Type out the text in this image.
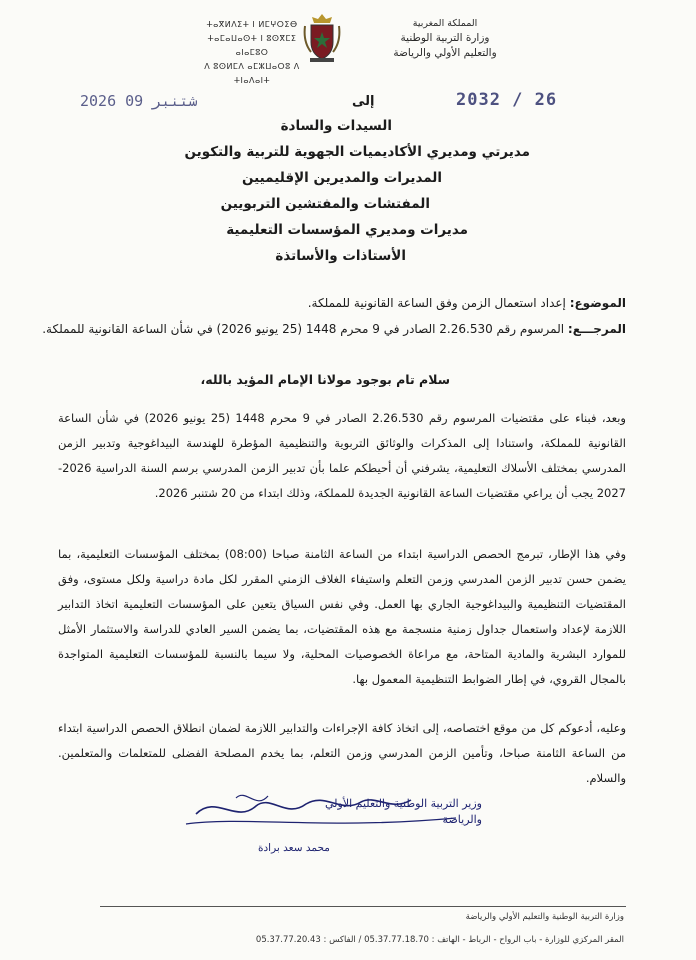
المملكة المغربية
وزارة التربية الوطنية
والتعليم الأولي والرياضة
ⵜⴰⴳⵍⴷⵉⵜ ⵏ ⵍⵎⵖⵔⵉⴱ
ⵜⴰⵎⴰⵡⴰⵙⵜ ⵏ ⵓⵙⴳⵎⵉ ⴰⵏⴰⵎⵓⵔ
ⴷ ⵓⵙⵍⵎⴷ ⴰⵎⵣⵡⴰⵔⵓ ⴷ ⵜⵏⴰⴷⴰⵏⵜ
2026 شتنبر 09	2032 / 26
إلى
السيدات والسادة
مديرتي ومديري الأكاديميات الجهوية للتربية والتكوين
المديرات والمديرين الإقليميين
المفتشات والمفتشين التربويين
مديرات ومديري المؤسسات التعليمية
الأستاذات والأساتذة
الموضوع: إعداد استعمال الزمن وفق الساعة القانونية للمملكة.
المرجـــع: المرسوم رقم 2.26.530 الصادر في 9 محرم 1448 (25 يونيو 2026) في شأن الساعة القانونية للمملكة.
سلام تام بوجود مولانا الإمام المؤيد بالله،
وبعد، فبناء على مقتضيات المرسوم رقم 2.26.530 الصادر في 9 محرم 1448 (25 يونيو 2026) في شأن الساعة القانونية للمملكة، واستنادا إلى المذكرات والوثائق التربوية والتنظيمية المؤطرة للهندسة البيداغوجية وتدبير الزمن المدرسي بمختلف الأسلاك التعليمية، يشرفني أن أحيطكم علما بأن تدبير الزمن المدرسي برسم السنة الدراسية 2026-2027 يجب أن يراعي مقتضيات الساعة القانونية الجديدة للمملكة، وذلك ابتداء من 20 شتنبر 2026.
وفي هذا الإطار، تبرمج الحصص الدراسية ابتداء من الساعة الثامنة صباحا (08:00) بمختلف المؤسسات التعليمية، بما يضمن حسن تدبير الزمن المدرسي وزمن التعلم واستيفاء الغلاف الزمني المقرر لكل مادة دراسية ولكل مستوى، وفق المقتضيات التنظيمية والبيداغوجية الجاري بها العمل. وفي نفس السياق يتعين على المؤسسات التعليمية اتخاذ التدابير اللازمة لإعداد واستعمال جداول زمنية منسجمة مع هذه المقتضيات، بما يضمن السير العادي للدراسة والاستثمار الأمثل للموارد البشرية والمادية المتاحة، مع مراعاة الخصوصيات المحلية، ولا سيما بالنسبة للمؤسسات التعليمية المتواجدة بالمجال القروي، في إطار الضوابط التنظيمية المعمول بها.
وعليه، أدعوكم كل من موقع اختصاصه، إلى اتخاذ كافة الإجراءات والتدابير اللازمة لضمان انطلاق الحصص الدراسية ابتداء من الساعة الثامنة صباحا، وتأمين الزمن المدرسي وزمن التعلم، بما يخدم المصلحة الفضلى للمتعلمات والمتعلمين. والسلام.
وزير التربية الوطنية والتعليم الأولي
والرياضة
محمد سعد برادة
وزارة التربية الوطنية والتعليم الأولي والرياضة
المقر المركزي للوزارة - باب الرواح - الرباط - الهاتف : 05.37.77.18.70 / الفاكس : 05.37.77.20.43
